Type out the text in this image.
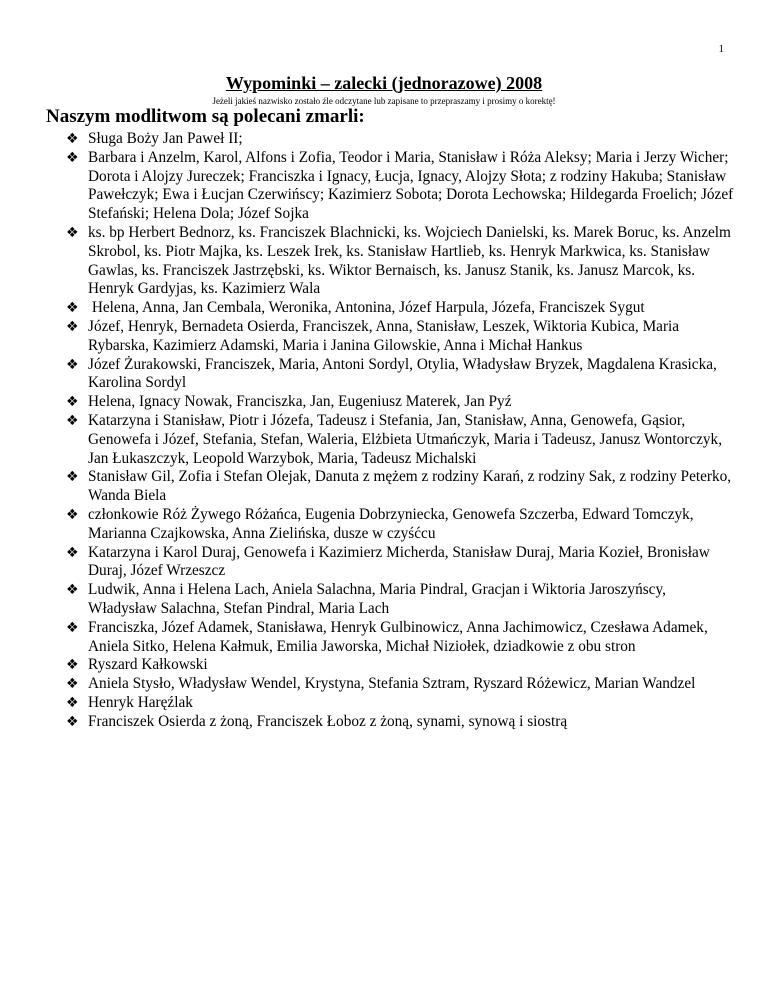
1
Wypominki – zalecki (jednorazowe) 2008
Jeżeli jakieś nazwisko zostało źle odczytane lub zapisane to przepraszamy i prosimy o korektę!
Naszym modlitwom są polecani zmarli:
❖ Sługa Boży Jan Paweł II;
❖ Barbara i Anzelm, Karol, Alfons i Zofia, Teodor i Maria, Stanisław i Róża Aleksy; Maria i Jerzy Wicher; Dorota i Alojzy Jureczek; Franciszka i Ignacy, Łucja, Ignacy, Alojzy Słota; z rodziny Hakuba; Stanisław Pawełczyk; Ewa i Łucjan Czerwińscy; Kazimierz Sobota; Dorota Lechowska; Hildegarda Froelich; Józef Stefański; Helena Dola; Józef Sojka
❖ ks. bp Herbert Bednorz, ks. Franciszek Blachnicki, ks. Wojciech Danielski, ks. Marek Boruc, ks. Anzelm Skrobol, ks. Piotr Majka, ks. Leszek Irek, ks. Stanisław Hartlieb, ks. Henryk Markwica, ks. Stanisław Gawlas, ks. Franciszek Jastrzębski, ks. Wiktor Bernaisch, ks. Janusz Stanik, ks. Janusz Marcok, ks. Henryk Gardyjas, ks. Kazimierz Wala
❖ Helena, Anna, Jan Cembala, Weronika, Antonina, Józef Harpula, Józefa, Franciszek Sygut
❖ Józef, Henryk, Bernadeta Osierda, Franciszek, Anna, Stanisław, Leszek, Wiktoria Kubica, Maria Rybarska, Kazimierz Adamski, Maria i Janina Gilowskie, Anna i Michał Hankus
❖ Józef Żurakowski, Franciszek, Maria, Antoni Sordyl, Otylia, Władysław Bryzek, Magdalena Krasicka, Karolina Sordyl
❖ Helena, Ignacy Nowak, Franciszka, Jan, Eugeniusz Materek, Jan Pyź
❖ Katarzyna i Stanisław, Piotr i Józefa, Tadeusz i Stefania, Jan, Stanisław, Anna, Genowefa, Gąsior, Genowefa i Józef, Stefania, Stefan, Waleria, Elżbieta Utmańczyk, Maria i Tadeusz, Janusz Wontorczyk, Jan Łukaszczyk, Leopold Warzybok, Maria, Tadeusz Michalski
❖ Stanisław Gil, Zofia i Stefan Olejak, Danuta z mężem z rodziny Karań, z rodziny Sak, z rodziny Peterko, Wanda Biela
❖ członkowie Róż Żywego Różańca, Eugenia Dobrzyniecka, Genowefa Szczerba, Edward Tomczyk, Marianna Czajkowska, Anna Zielińska, dusze w czyśćcu
❖ Katarzyna i Karol Duraj, Genowefa i Kazimierz Micherda, Stanisław Duraj, Maria Kozieł, Bronisław Duraj, Józef Wrzeszcz
❖ Ludwik, Anna i Helena Lach, Aniela Salachna, Maria Pindral, Gracjan i Wiktoria Jaroszyńscy, Władysław Salachna, Stefan Pindral, Maria Lach
❖ Franciszka, Józef Adamek, Stanisława, Henryk Gulbinowicz, Anna Jachimowicz, Czesława Adamek, Aniela Sitko, Helena Kałmuk, Emilia Jaworska, Michał Niziołek, dziadkowie z obu stron
❖ Ryszard Kałkowski
❖ Aniela Stysło, Władysław Wendel, Krystyna, Stefania Sztram, Ryszard Różewicz, Marian Wandzel
❖ Henryk Haręźlak
❖ Franciszek Osierda z żoną, Franciszek Łoboz z żoną, synami, synową i siostrą
